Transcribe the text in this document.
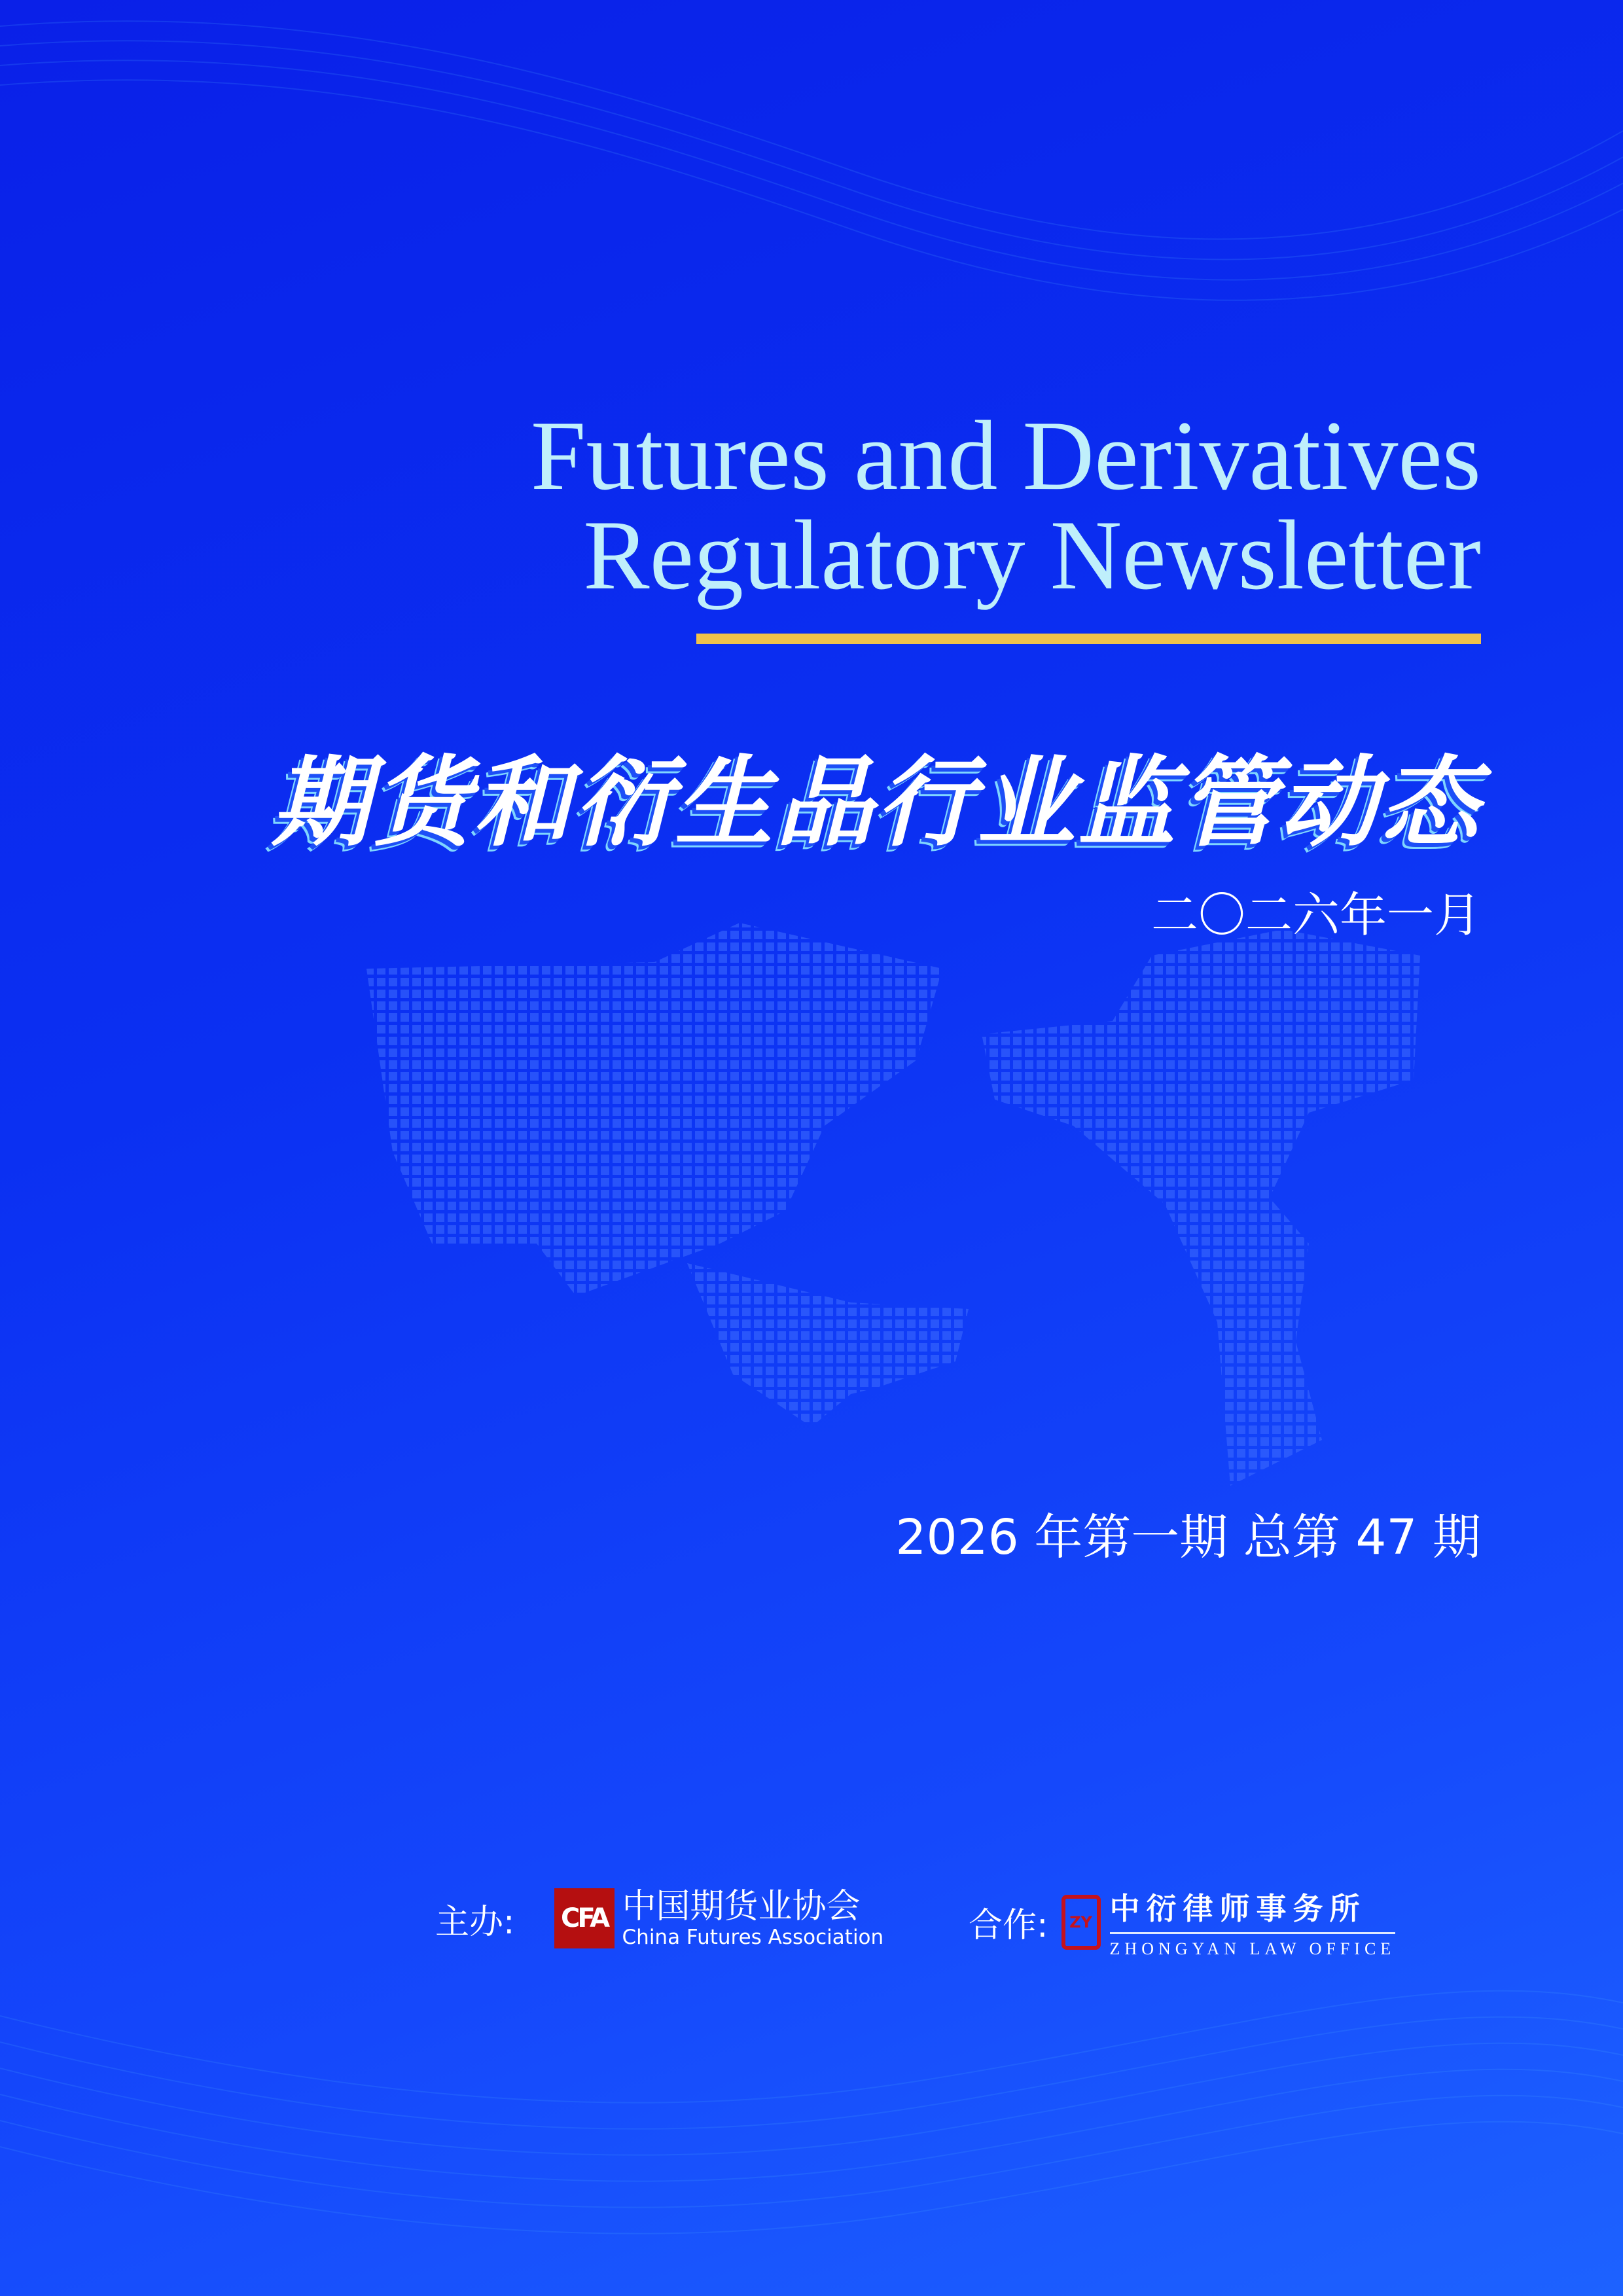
Futures and Derivatives
Regulatory Newsletter
期货和衍生品行业监管动态
二〇二六年一月
2026 年第一期 总第 47 期
主办: CFA 中国期货业协会
China Futures Association 合作: ZY 中衍律师事务所
ZHONGYAN LAW OFFICE
